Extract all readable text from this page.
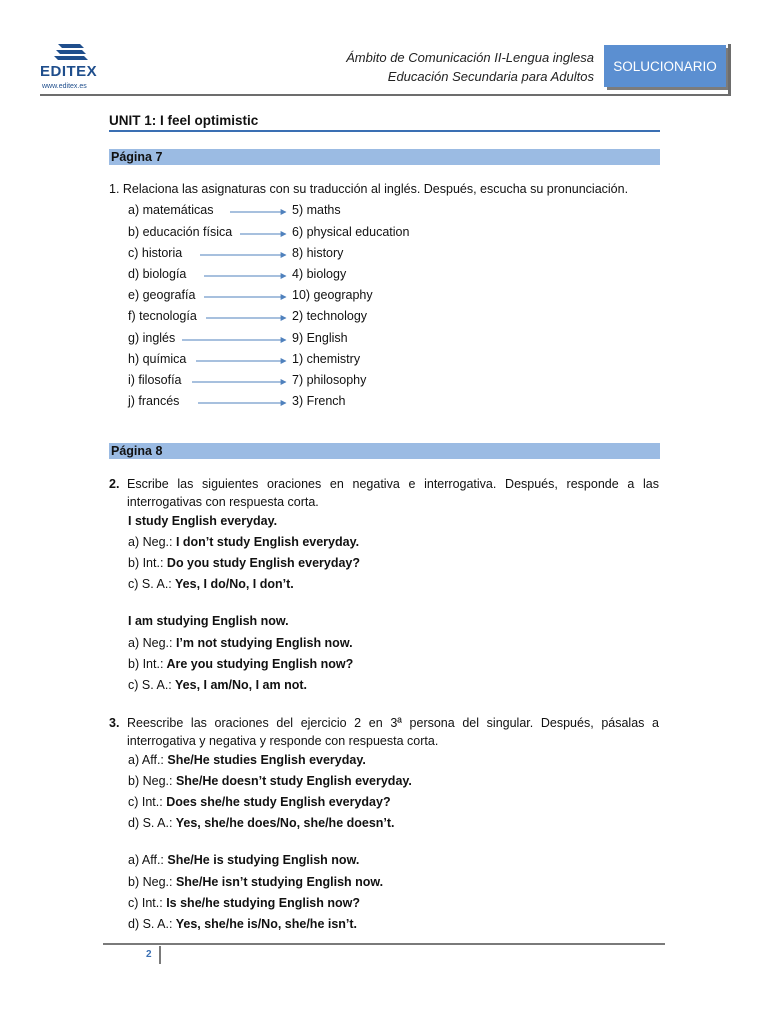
EDITEX
www.editex.es
Ámbito de Comunicación II-Lengua inglesa
Educación Secundaria para Adultos
SOLUCIONARIO
UNIT 1: I feel optimistic
Página 7
1. Relaciona las asignaturas con su traducción al inglés. Después, escucha su pronunciación.
a) matemáticas	5) maths
b) educación física	6) physical education
c) historia	8) history
d) biología	4) biology
e) geografía	10) geography
f) tecnología	2) technology
g) inglés	9) English
h) química	1) chemistry
i) filosofía	7) philosophy
j) francés	3) French
Página 8
2. Escribe las siguientes oraciones en negativa e interrogativa. Después, responde a las interrogativas con respuesta corta.
I study English everyday.
a) Neg.: I don’t study English everyday.
b) Int.: Do you study English everyday?
c) S. A.: Yes, I do/No, I don’t.
I am studying English now.
a) Neg.: I’m not studying English now.
b) Int.: Are you studying English now?
c) S. A.: Yes, I am/No, I am not.
3. Reescribe las oraciones del ejercicio 2 en 3ª persona del singular. Después, pásalas a interrogativa y negativa y responde con respuesta corta.
a) Aff.: She/He studies English everyday.
b) Neg.: She/He doesn’t study English everyday.
c) Int.: Does she/he study English everyday?
d) S. A.: Yes, she/he does/No, she/he doesn’t.
a) Aff.: She/He is studying English now.
b) Neg.: She/He isn’t studying English now.
c) Int.: Is she/he studying English now?
d) S. A.: Yes, she/he is/No, she/he isn’t.
2
